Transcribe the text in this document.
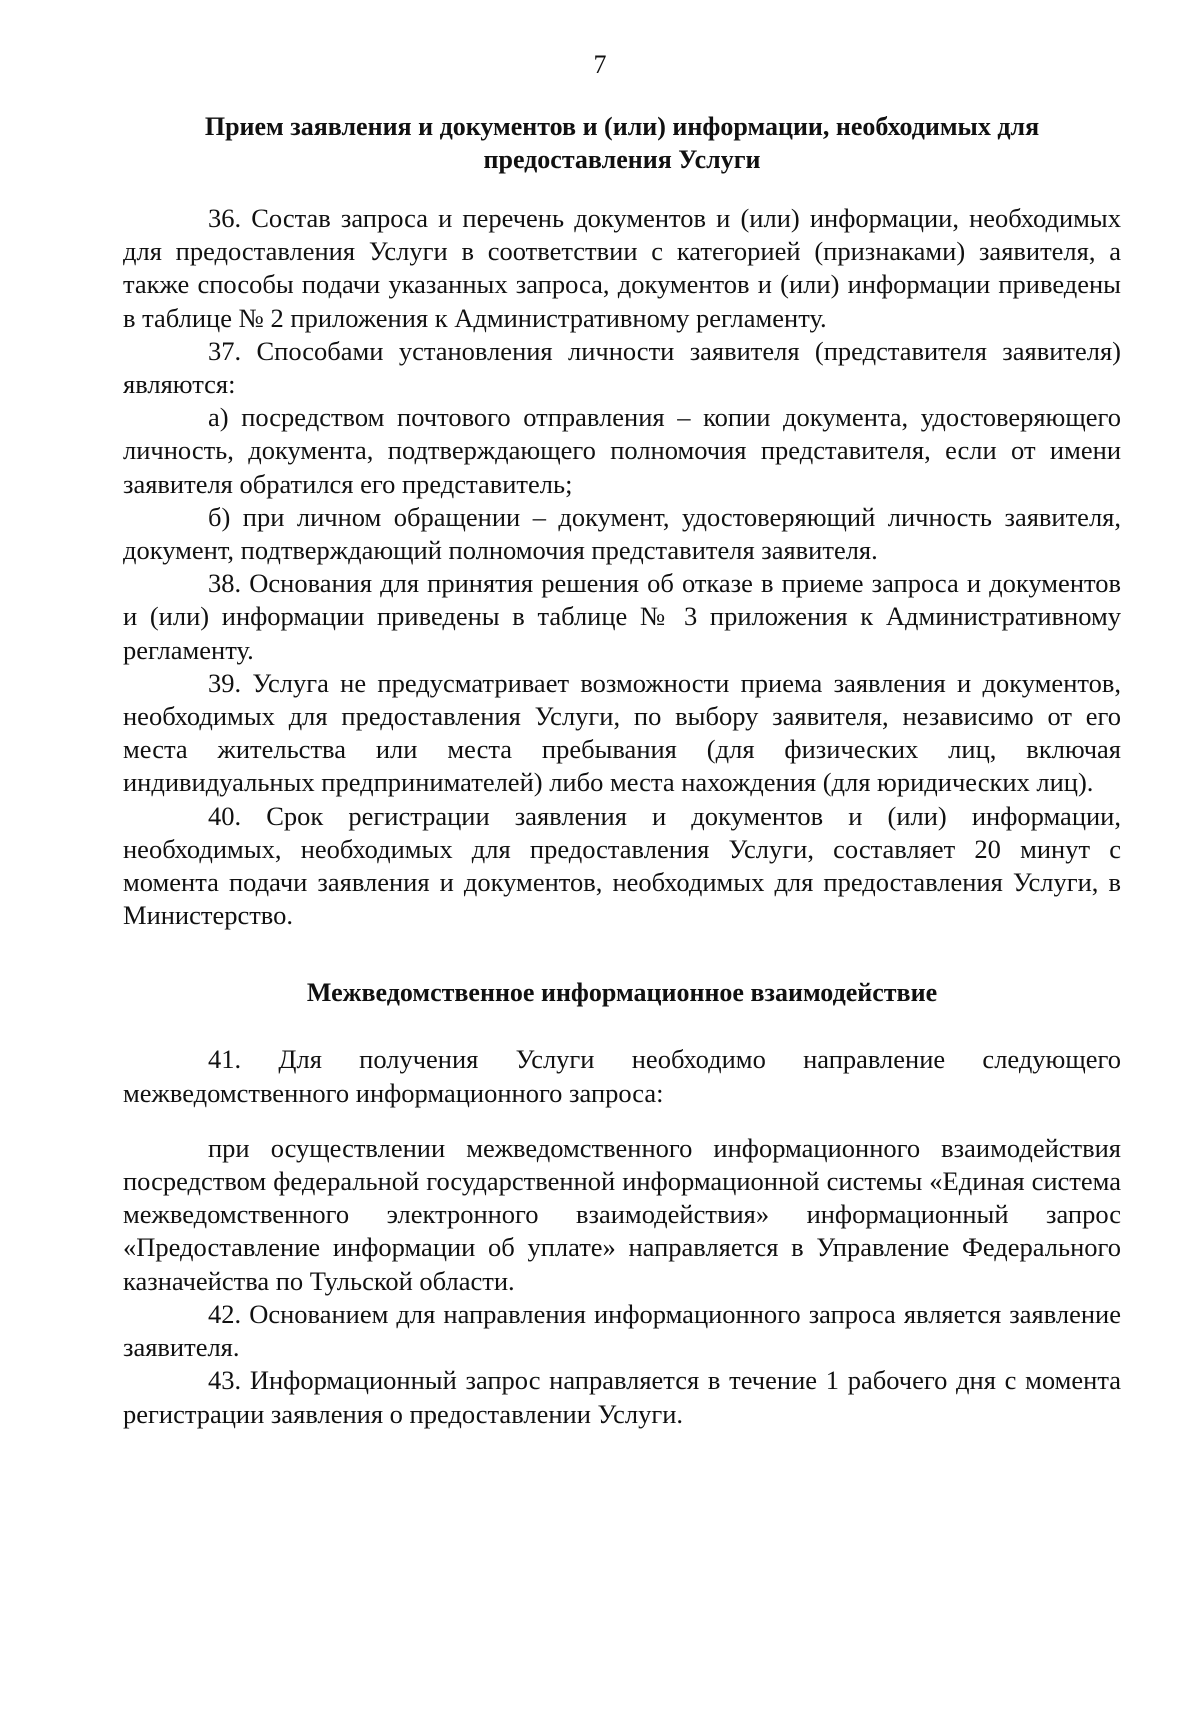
7

Прием заявления и документов и (или) информации, необходимых для предоставления Услуги

36. Состав запроса и перечень документов и (или) информации, необходимых для предоставления Услуги в соответствии с категорией (признаками) заявителя, а также способы подачи указанных запроса, документов и (или) информации приведены в таблице № 2 приложения к Административному регламенту.

37. Способами установления личности заявителя (представителя заявителя) являются:

а) посредством почтового отправления – копии документа, удостоверяющего личность, документа, подтверждающего полномочия представителя, если от имени заявителя обратился его представитель;

б) при личном обращении – документ, удостоверяющий личность заявителя, документ, подтверждающий полномочия представителя заявителя.

38. Основания для принятия решения об отказе в приеме запроса и документов и (или) информации приведены в таблице № 3 приложения к Административному регламенту.

39. Услуга не предусматривает возможности приема заявления и документов, необходимых для предоставления Услуги, по выбору заявителя, независимо от его места жительства или места пребывания (для физических лиц, включая индивидуальных предпринимателей) либо места нахождения (для юридических лиц).

40. Срок регистрации заявления и документов и (или) информации, необходимых, необходимых для предоставления Услуги, составляет 20 минут с момента подачи заявления и документов, необходимых для предоставления Услуги, в Министерство.

Межведомственное информационное взаимодействие

41. Для получения Услуги необходимо направление следующего межведомственного информационного запроса:

при осуществлении межведомственного информационного взаимодействия посредством федеральной государственной информационной системы «Единая система межведомственного электронного взаимодействия» информационный запрос «Предоставление информации об уплате» направляется в Управление Федерального казначейства по Тульской области.

42. Основанием для направления информационного запроса является заявление заявителя.

43. Информационный запрос направляется в течение 1 рабочего дня с момента регистрации заявления о предоставлении Услуги.
